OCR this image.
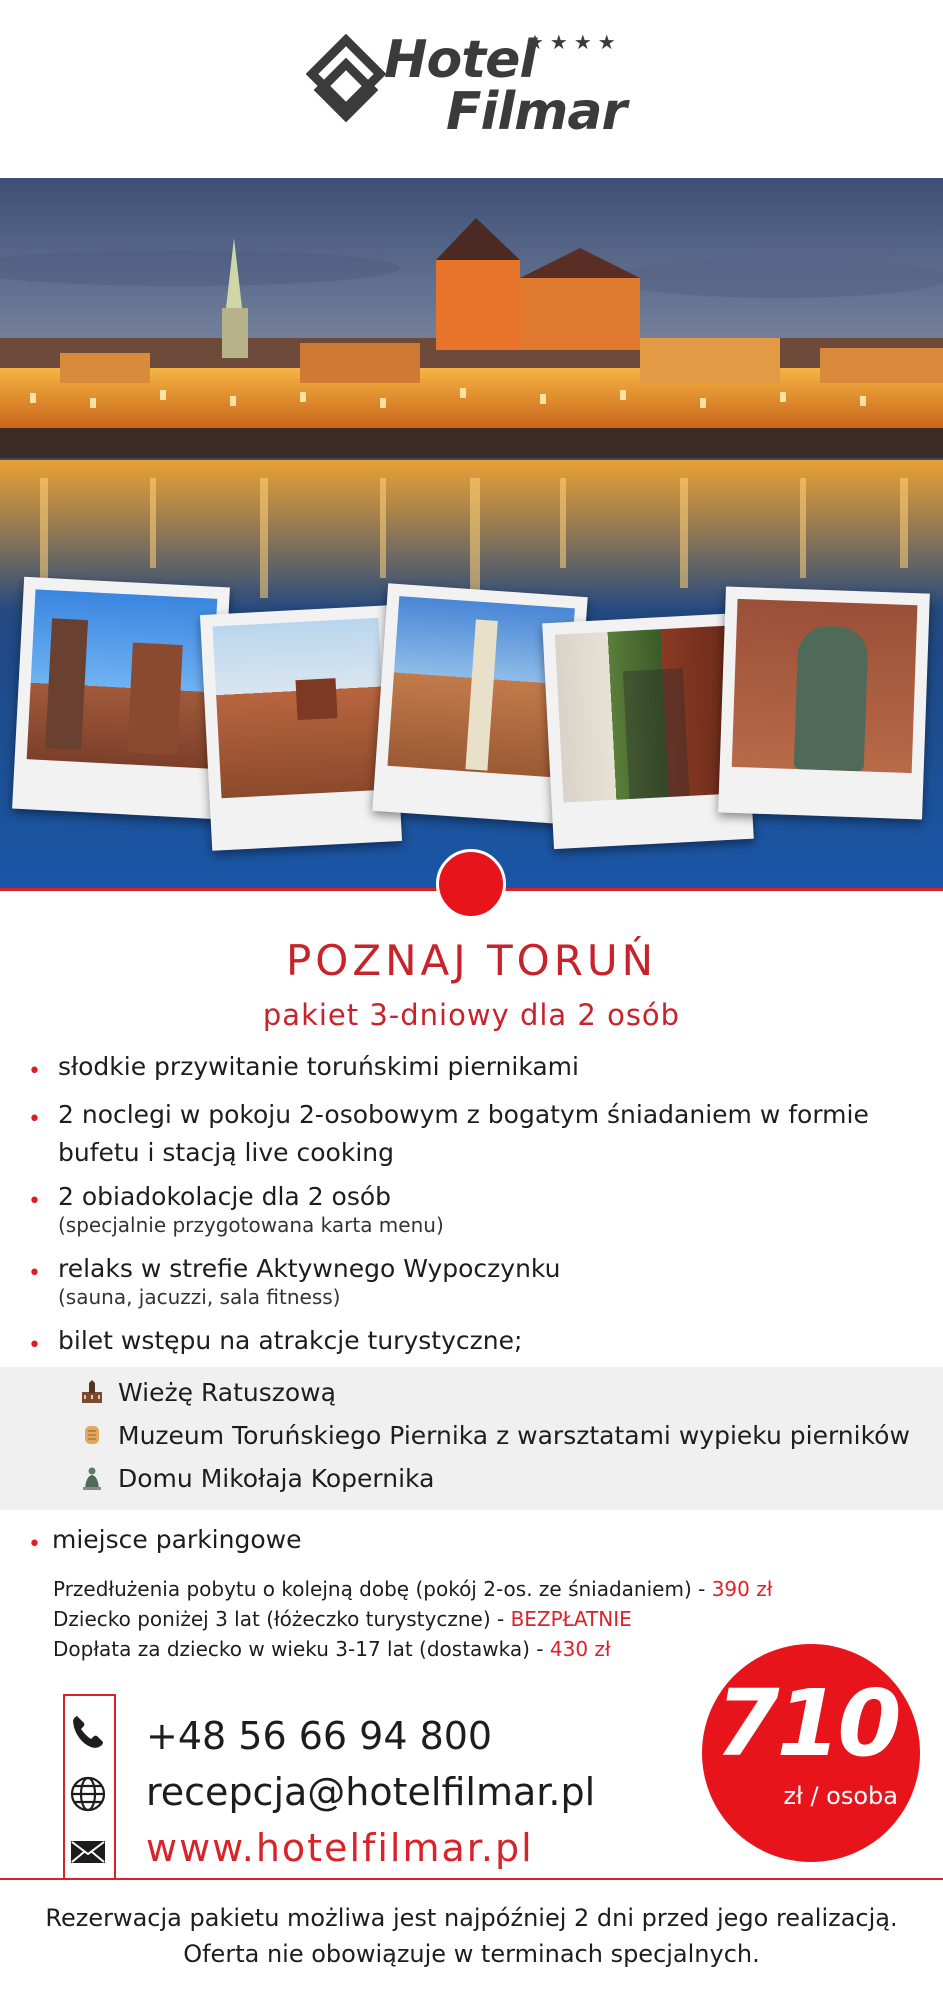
Hotel
Filmar
★★★★
POZNAJ TORUŃ
pakiet 3-dniowy dla 2 osób
• słodkie przywitanie toruńskimi piernikami
• 2 noclegi w pokoju 2-osobowym z bogatym śniadaniem w formie bufetu i stacją live cooking
• 2 obiadokolacje dla 2 osób
(specjalnie przygotowana karta menu)
• relaks w strefie Aktywnego Wypoczynku
(sauna, jacuzzi, sala fitness)
• bilet wstępu na atrakcje turystyczne;
Wieżę Ratuszową
Muzeum Toruńskiego Piernika z warsztatami wypieku pierników
Domu Mikołaja Kopernika
• miejsce parkingowe
Przedłużenia pobytu o kolejną dobę (pokój 2-os. ze śniadaniem) - 390 zł
Dziecko poniżej 3 lat (łóżeczko turystyczne) - BEZPŁATNIE
Dopłata za dziecko w wieku 3-17 lat (dostawka) - 430 zł
+48 56 66 94 800
recepcja@hotelfilmar.pl
www.hotelfilmar.pl
710
zł / osoba
Rezerwacja pakietu możliwa jest najpóźniej 2 dni przed jego realizacją.
Oferta nie obowiązuje w terminach specjalnych.
